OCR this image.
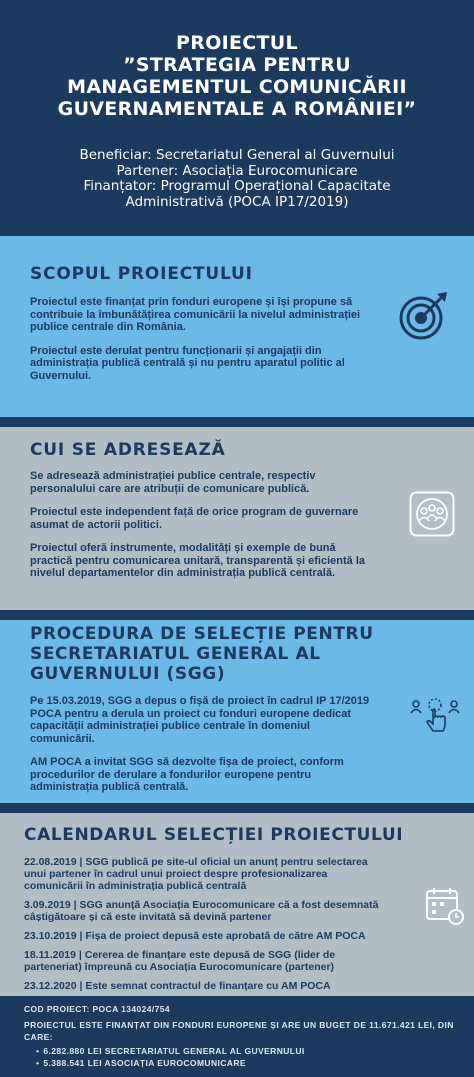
PROIECTUL
”STRATEGIA PENTRU
MANAGEMENTUL COMUNICĂRII
GUVERNAMENTALE A ROMÂNIEI”
Beneficiar: Secretariatul General al Guvernului
Partener: Asociația Eurocomunicare
Finanțator: Programul Operațional Capacitate
Administrativă (POCA IP17/2019)
SCOPUL PROIECTULUI

Proiectul este finanțat prin fonduri europene și își propune să contribuie la îmbunătățirea comunicării la nivelul administrației publice centrale din România.

Proiectul este derulat pentru funcționarii și angajații din administrația publică centrală și nu pentru aparatul politic al Guvernului.

CUI SE ADRESEAZĂ

Se adresează administrației publice centrale, respectiv personalului care are atribuții de comunicare publică.

Proiectul este independent față de orice program de guvernare asumat de actorii politici.

Proiectul oferă instrumente, modalități și exemple de bună practică pentru comunicarea unitară, transparentă și eficientă la nivelul departamentelor din administrația publică centrală.

PROCEDURA DE SELECȚIE PENTRU
SECRETARIATUL GENERAL AL
GUVERNULUI (SGG)

Pe 15.03.2019, SGG a depus o fișă de proiect în cadrul IP 17/2019 POCA pentru a derula un proiect cu fonduri europene dedicat capacității administrației publice centrale în domeniul comunicării.

AM POCA a invitat SGG să dezvolte fișa de proiect, conform procedurilor de derulare a fondurilor europene pentru administrația publică centrală.

CALENDARUL SELECȚIEI PROIECTULUI

22.08.2019 | SGG publică pe site-ul oficial un anunț pentru selectarea unui partener în cadrul unui proiect despre profesionalizarea comunicării în administrația publică centrală

3.09.2019 | SGG anunță Asociația Eurocomunicare că a fost desemnată câștigătoare și că este invitată să devină partener

23.10.2019 | Fișa de proiect depusă este aprobată de către AM POCA

18.11.2019 | Cererea de finanțare este depusă de SGG (lider de parteneriat) împreună cu Asociația Eurocomunicare (partener)

23.12.2020 | Este semnat contractul de finanțare cu AM POCA

COD PROIECT: POCA 134024/754
PROIECTUL ESTE FINANȚAT DIN FONDURI EUROPENE ȘI ARE UN BUGET DE 11.671.421 LEI, DIN CARE:
• 6.282.880 LEI SECRETARIATUL GENERAL AL GUVERNULUI
• 5.388.541 LEI ASOCIAȚIA EUROCOMUNICARE
